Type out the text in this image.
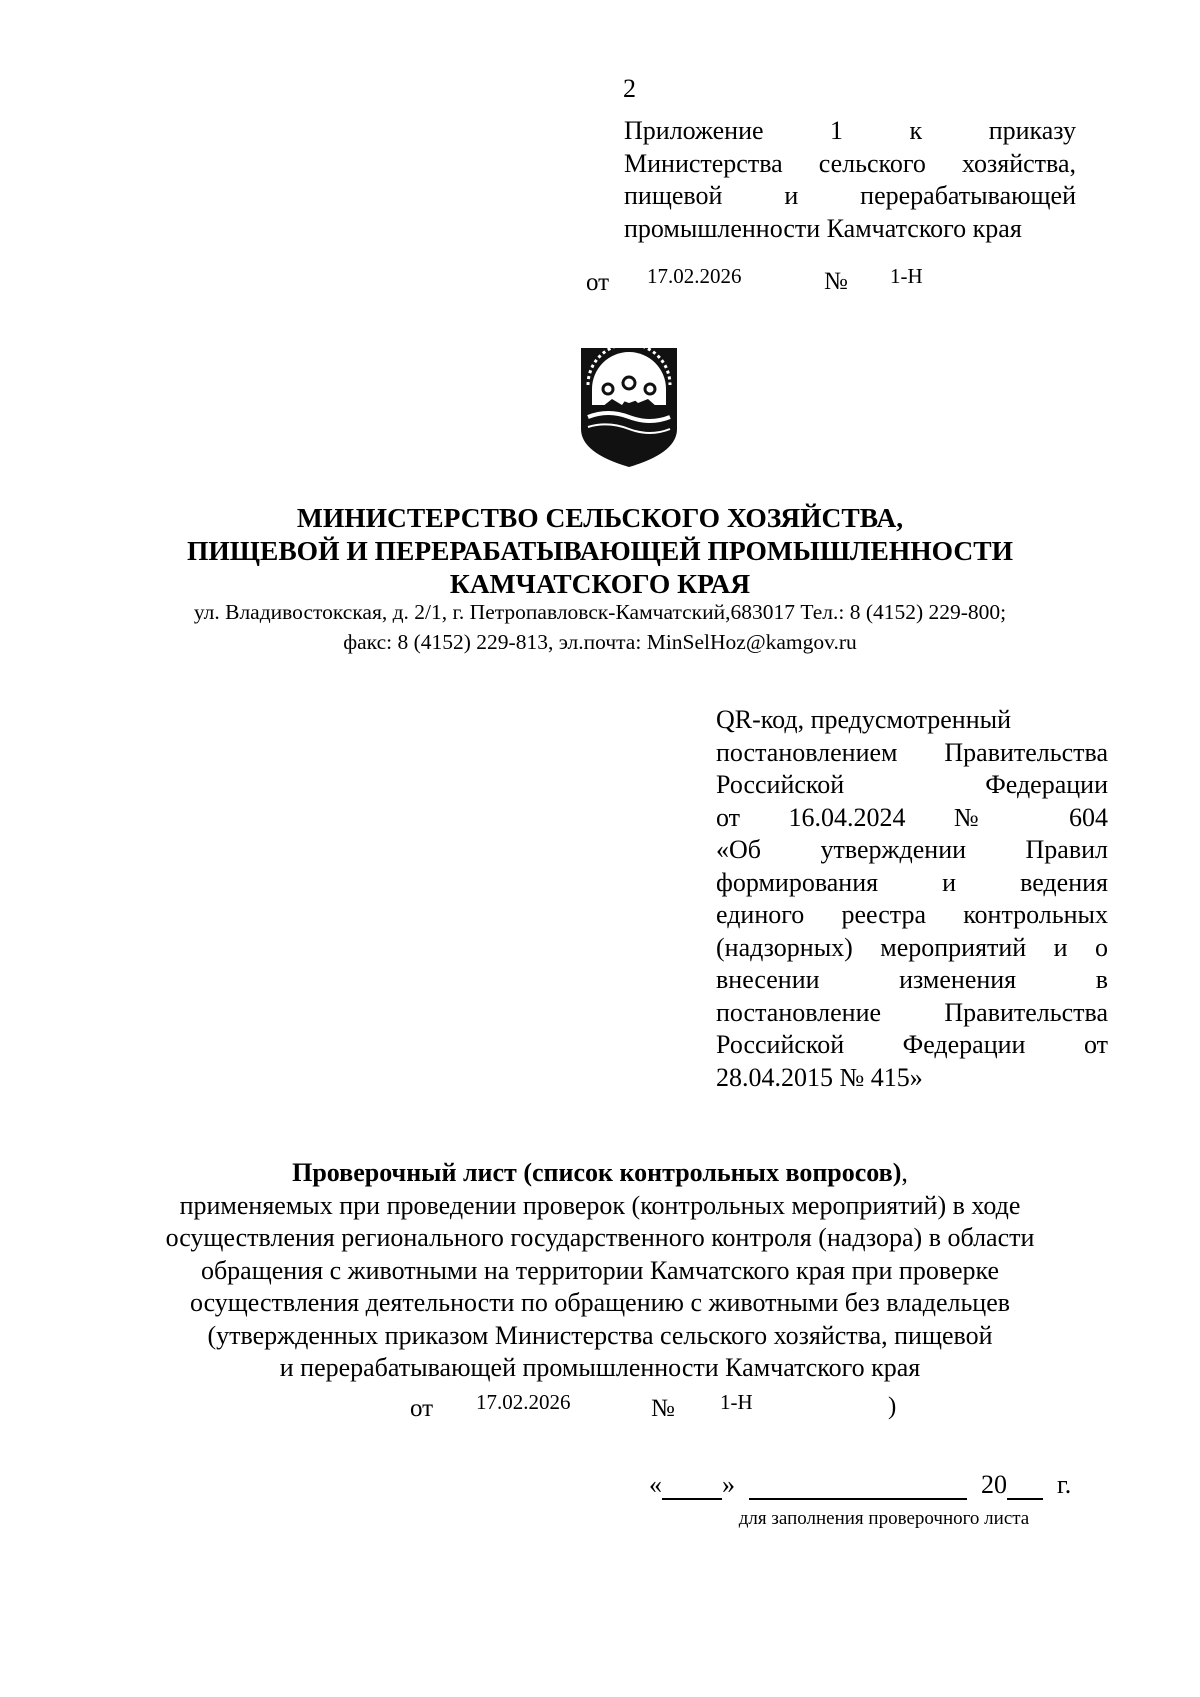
2
Приложение	1	к	приказу
Министерства сельского хозяйства,
пищевой и перерабатывающей
промышленности Камчатского края
от 17.02.2026	№ 1-Н
МИНИСТЕРСТВО СЕЛЬСКОГО ХОЗЯЙСТВА,
ПИЩЕВОЙ И ПЕРЕРАБАТЫВАЮЩЕЙ ПРОМЫШЛЕННОСТИ
КАМЧАТСКОГО КРАЯ
ул. Владивостокская, д. 2/1, г. Петропавловск-Камчатский,683017 Тел.: 8 (4152) 229-800;
факс: 8 (4152) 229-813, эл.почта: MinSelHoz@kamgov.ru
QR-код, предусмотренный
постановлением Правительства
Российской	Федерации
от 16.04.2024 № 604
«Об утверждении Правил
формирования и ведения
единого реестра контрольных
(надзорных) мероприятий и о
внесении	изменения	в
постановление Правительства
Российской Федерации от
28.04.2015 № 415»
Проверочный лист (список контрольных вопросов),
применяемых при проведении проверок (контрольных мероприятий) в ходе
осуществления регионального государственного контроля (надзора) в области
обращения с животными на территории Камчатского края при проверке
осуществления деятельности по обращению с животными без владельцев
(утвержденных приказом Министерства сельского хозяйства, пищевой
и перерабатывающей промышленности Камчатского края
от 17.02.2026	№ 1-Н	)
« »	20 г.
для заполнения проверочного листа
